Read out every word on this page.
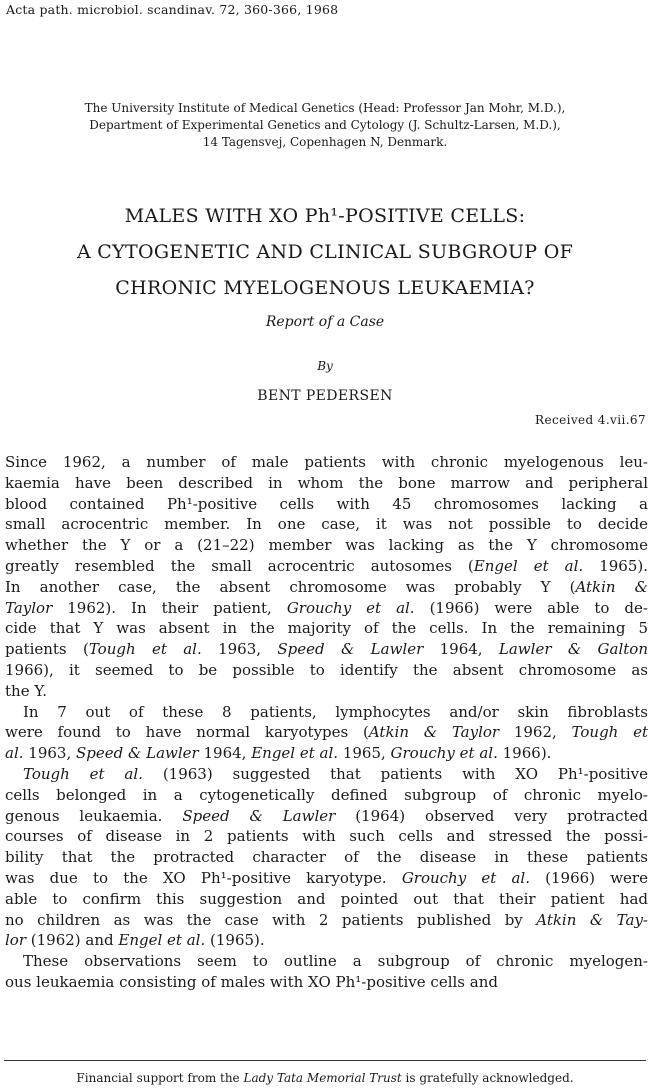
Acta path. microbiol. scandinav. 72, 360-366, 1968
The University Institute of Medical Genetics (Head: Professor Jan Mohr, M.D.),
Department of Experimental Genetics and Cytology (J. Schultz-Larsen, M.D.),
14 Tagensvej, Copenhagen N, Denmark.
MALES WITH XO Ph¹-POSITIVE CELLS:
A CYTOGENETIC AND CLINICAL SUBGROUP OF
CHRONIC MYELOGENOUS LEUKAEMIA?
Report of a Case
By
BENT PEDERSEN
Received 4.vii.67

Since 1962, a number of male patients with chronic myelogenous leu-
kaemia have been described in whom the bone marrow and peripheral
blood contained Ph¹-positive cells with 45 chromosomes lacking a
small acrocentric member. In one case, it was not possible to decide
whether the Y or a (21–22) member was lacking as the Y chromosome
greatly resembled the small acrocentric autosomes (Engel et al. 1965).
In another case, the absent chromosome was probably Y (Atkin &
Taylor 1962). In their patient, Grouchy et al. (1966) were able to de-
cide that Y was absent in the majority of the cells. In the remaining 5
patients (Tough et al. 1963, Speed & Lawler 1964, Lawler & Galton
1966), it seemed to be possible to identify the absent chromosome as
the Y.

In 7 out of these 8 patients, lymphocytes and/or skin fibroblasts
were found to have normal karyotypes (Atkin & Taylor 1962, Tough et
al. 1963, Speed & Lawler 1964, Engel et al. 1965, Grouchy et al. 1966).

Tough et al. (1963) suggested that patients with XO Ph¹-positive
cells belonged in a cytogenetically defined subgroup of chronic myelo-
genous leukaemia. Speed & Lawler (1964) observed very protracted
courses of disease in 2 patients with such cells and stressed the possi-
bility that the protracted character of the disease in these patients
was due to the XO Ph¹-positive karyotype. Grouchy et al. (1966) were
able to confirm this suggestion and pointed out that their patient had
no children as was the case with 2 patients published by Atkin & Tay-
lor (1962) and Engel et al. (1965).

These observations seem to outline a subgroup of chronic myelogen-
ous leukaemia consisting of males with XO Ph¹-positive cells and

Financial support from the Lady Tata Memorial Trust is gratefully acknowledged.
